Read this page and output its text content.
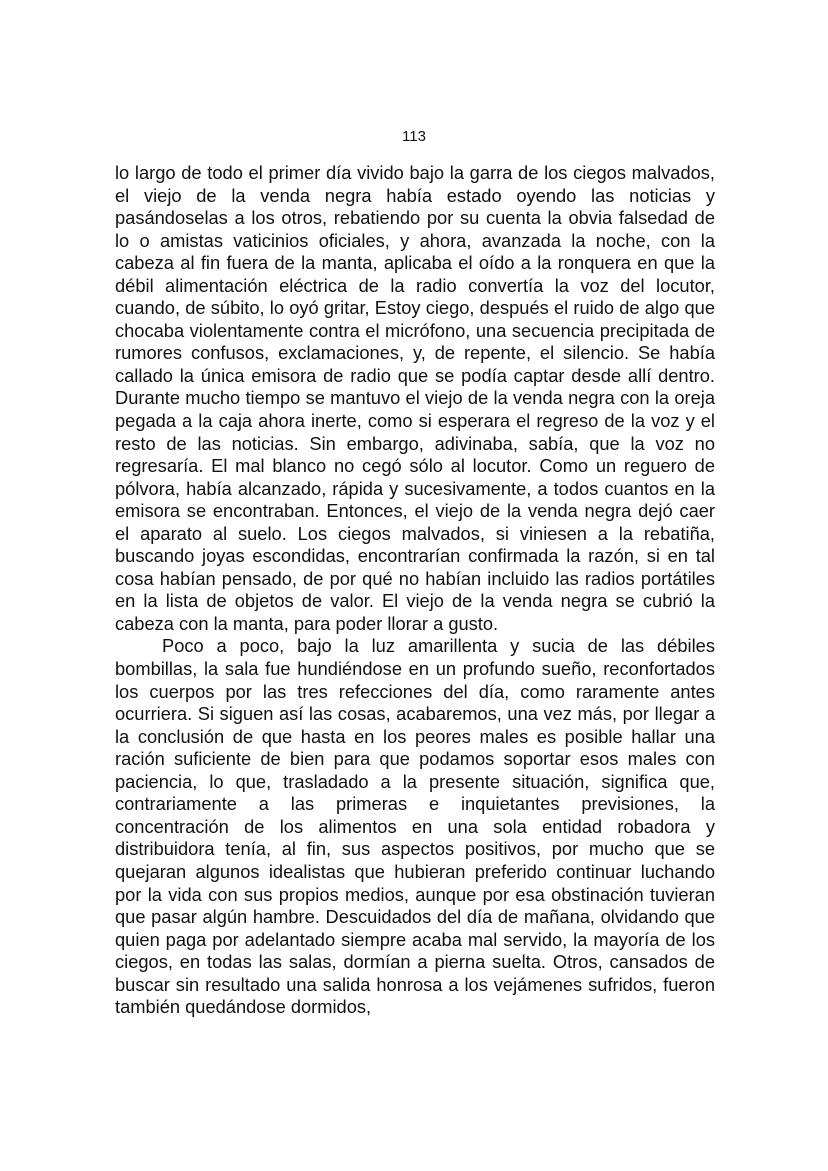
113

lo largo de todo el primer día vivido bajo la garra de los ciegos malvados, el viejo de la venda negra había estado oyendo las noticias y pasándoselas a los otros, rebatiendo por su cuenta la obvia falsedad de lo o amistas vaticinios oficiales, y ahora, avanzada la noche, con la cabeza al fin fuera de la manta, aplicaba el oído a la ronquera en que la débil alimentación eléctrica de la radio convertía la voz del locutor, cuando, de súbito, lo oyó gritar, Estoy ciego, después el ruido de algo que chocaba violentamente contra el micrófono, una secuencia precipitada de rumores confusos, exclamaciones, y, de repente, el silencio. Se había callado la única emisora de radio que se podía captar desde allí dentro. Durante mucho tiempo se mantuvo el viejo de la venda negra con la oreja pegada a la caja ahora inerte, como si esperara el regreso de la voz y el resto de las noticias. Sin embargo, adivinaba, sabía, que la voz no regresaría. El mal blanco no cegó sólo al locutor. Como un reguero de pólvora, había alcanzado, rápida y sucesivamente, a todos cuantos en la emisora se encontraban. Entonces, el viejo de la venda negra dejó caer el aparato al suelo. Los ciegos malvados, si viniesen a la rebatiña, buscando joyas escondidas, encontrarían confirmada la razón, si en tal cosa habían pensado, de por qué no habían incluido las radios portátiles en la lista de objetos de valor. El viejo de la venda negra se cubrió la cabeza con la manta, para poder llorar a gusto.

Poco a poco, bajo la luz amarillenta y sucia de las débiles bombillas, la sala fue hundiéndose en un profundo sueño, reconfortados los cuerpos por las tres refecciones del día, como raramente antes ocurriera. Si siguen así las cosas, acabaremos, una vez más, por llegar a la conclusión de que hasta en los peores males es posible hallar una ración suficiente de bien para que podamos soportar esos males con paciencia, lo que, trasladado a la presente situación, significa que, contrariamente a las primeras e inquietantes previsiones, la concentración de los alimentos en una sola entidad robadora y distribuidora tenía, al fin, sus aspectos positivos, por mucho que se quejaran algunos idealistas que hubieran preferido continuar luchando por la vida con sus propios medios, aunque por esa obstinación tuvieran que pasar algún hambre. Descuidados del día de mañana, olvidando que quien paga por adelantado siempre acaba mal servido, la mayoría de los ciegos, en todas las salas, dormían a pierna suelta. Otros, cansados de buscar sin resultado una salida honrosa a los vejámenes sufridos, fueron también quedándose dormidos,
